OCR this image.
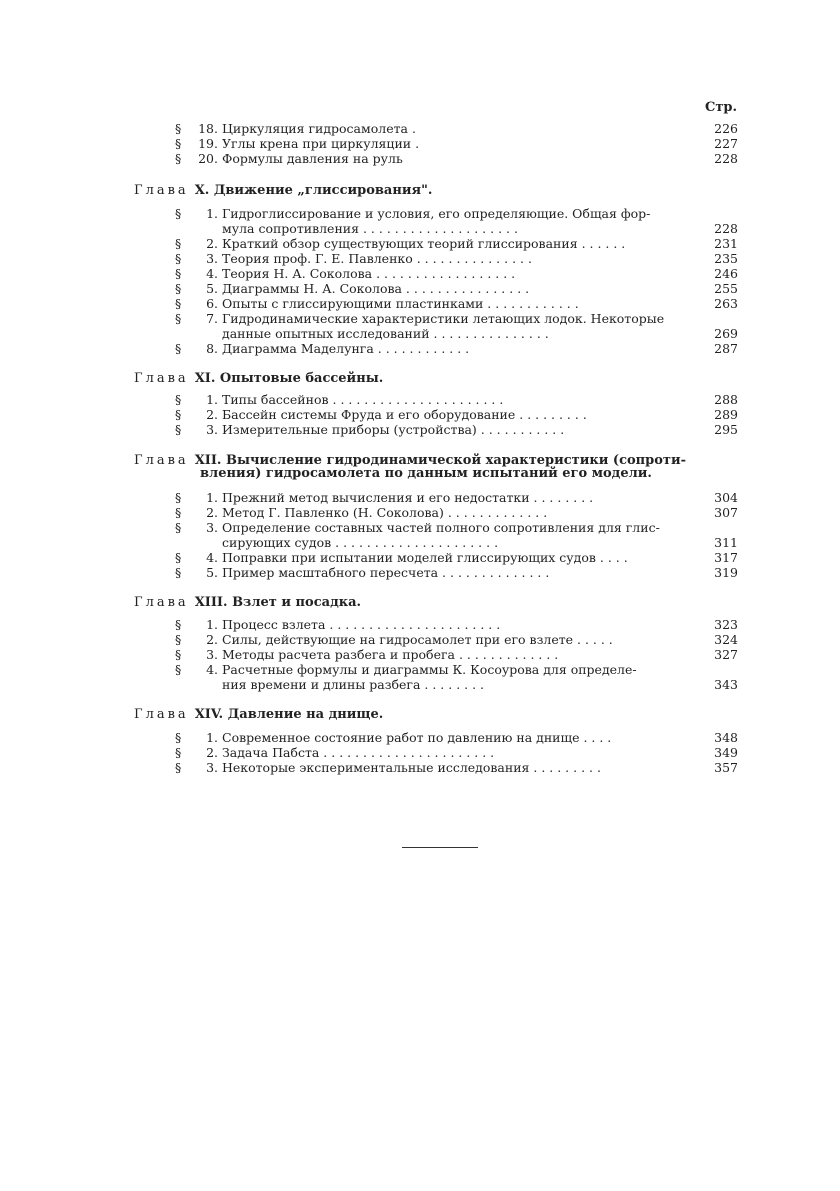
Стр.
§	18. Циркуляция гидросамолета .	226
§	19. Углы крена при циркуляции .	227
§	20. Формулы давления на руль	228
Глава X. Движение „глиссирования".
§	1. Гидроглиссирование и условия, его определяющие. Общая фор-
мула сопротивления . . . . . . . . . . . . . . . . . . . .	228
§	2. Краткий обзор существующих теорий глиссирования . . . . . .	231
§	3. Теория проф. Г. Е. Павленко . . . . . . . . . . . . . . .	235
§	4. Теория Н. А. Соколова . . . . . . . . . . . . . . . . . .	246
§	5. Диаграммы Н. А. Соколова . . . . . . . . . . . . . . . .	255
§	6. Опыты с глиссирующими пластинками . . . . . . . . . . . .	263
§	7. Гидродинамические характеристики летающих лодок. Некоторые
данные опытных исследований . . . . . . . . . . . . . . .	269
§	8. Диаграмма Маделунга . . . . . . . . . . . .	287
Глава XI. Опытовые бассейны.
§	1. Типы бассейнов . . . . . . . . . . . . . . . . . . . . . .	288
§	2. Бассейн системы Фруда и его оборудование . . . . . . . . .	289
§	3. Измерительные приборы (устройства) . . . . . . . . . . .	295
Глава XII. Вычисление гидродинамической характеристики (сопроти-
вления) гидросамолета по данным испытаний его модели.
§	1. Прежний метод вычисления и его недостатки . . . . . . . .	304
§	2. Метод Г. Павленко (Н. Соколова) . . . . . . . . . . . . .	307
§	3. Определение составных частей полного сопротивления для глис-
сирующих судов . . . . . . . . . . . . . . . . . . . . .	311
§	4. Поправки при испытании моделей глиссирующих судов . . . .	317
§	5. Пример масштабного пересчета . . . . . . . . . . . . . .	319
Глава XIII. Взлет и посадка.
§	1. Процесс взлета . . . . . . . . . . . . . . . . . . . . . .	323
§	2. Силы, действующие на гидросамолет при его взлете . . . . .	324
§	3. Методы расчета разбега и пробега . . . . . . . . . . . . .	327
§	4. Расчетные формулы и диаграммы К. Косоурова для определе-
ния времени и длины разбега . . . . . . . .	343
Глава XIV. Давление на днище.
§	1. Современное состояние работ по давлению на днище . . . .	348
§	2. Задача Пабста . . . . . . . . . . . . . . . . . . . . . .	349
§	3. Некоторые экспериментальные исследования . . . . . . . . .	357
